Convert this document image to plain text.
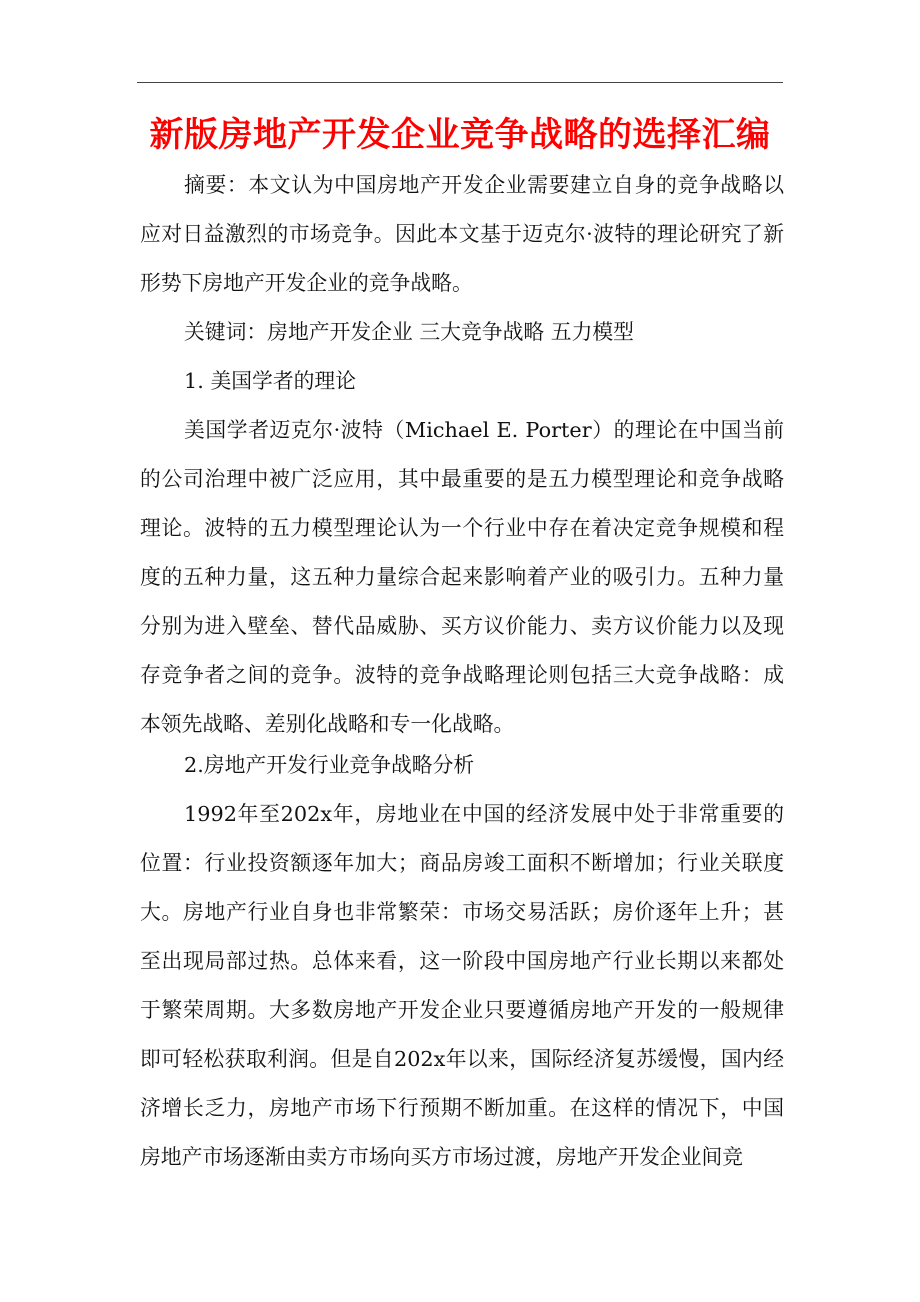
新版房地产开发企业竞争战略的选择汇编

摘要：本文认为中国房地产开发企业需要建立自身的竞争战略以应对日益激烈的市场竞争。因此本文基于迈克尔·波特的理论研究了新形势下房地产开发企业的竞争战略。

关键词：房地产开发企业 三大竞争战略 五力模型

1. 美国学者的理论

美国学者迈克尔·波特（Michael E. Porter）的理论在中国当前的公司治理中被广泛应用，其中最重要的是五力模型理论和竞争战略理论。波特的五力模型理论认为一个行业中存在着决定竞争规模和程度的五种力量，这五种力量综合起来影响着产业的吸引力。五种力量分别为进入壁垒、替代品威胁、买方议价能力、卖方议价能力以及现存竞争者之间的竞争。波特的竞争战略理论则包括三大竞争战略：成本领先战略、差别化战略和专一化战略。

2.房地产开发行业竞争战略分析

1992年至202x年，房地业在中国的经济发展中处于非常重要的位置：行业投资额逐年加大；商品房竣工面积不断增加；行业关联度大。房地产行业自身也非常繁荣：市场交易活跃；房价逐年上升；甚至出现局部过热。总体来看，这一阶段中国房地产行业长期以来都处于繁荣周期。大多数房地产开发企业只要遵循房地产开发的一般规律即可轻松获取利润。但是自202x年以来，国际经济复苏缓慢，国内经济增长乏力，房地产市场下行预期不断加重。在这样的情况下，中国房地产市场逐渐由卖方市场向买方市场过渡，房地产开发企业间竞
